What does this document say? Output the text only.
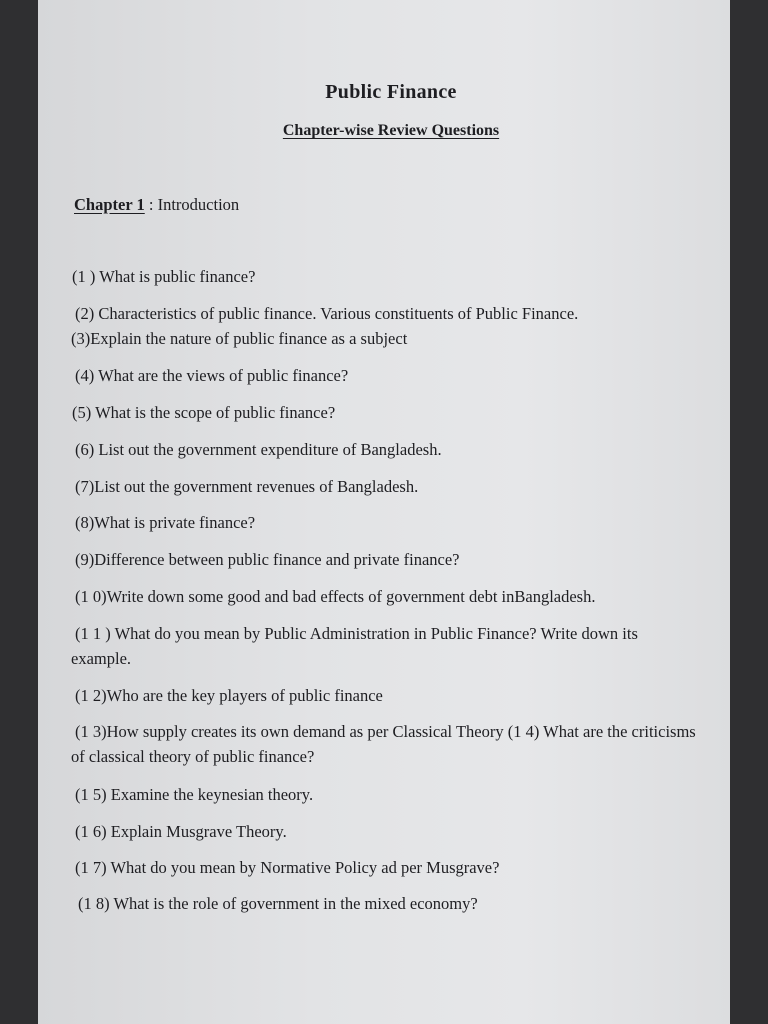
Public Finance
Chapter-wise Review Questions
Chapter 1 : Introduction

(1 ) What is public finance?

(2) Characteristics of public finance. Various constituents of Public Finance.

(3)Explain the nature of public finance as a subject

(4) What are the views of public finance?

(5) What is the scope of public finance?

(6) List out the government expenditure of Bangladesh.

(7)List out the government revenues of Bangladesh.

(8)What is private finance?

(9)Difference between public finance and private finance?

(1 0)Write down some good and bad effects of government debt inBangladesh.

(1 1 ) What do you mean by Public Administration in Public Finance? Write down its example.

(1 2)Who are the key players of public finance

(1 3)How supply creates its own demand as per Classical Theory (1 4) What are the criticisms of classical theory of public finance?

(1 5) Examine the keynesian theory.

(1 6) Explain Musgrave Theory.

(1 7) What do you mean by Normative Policy ad per Musgrave?

(1 8) What is the role of government in the mixed economy?
